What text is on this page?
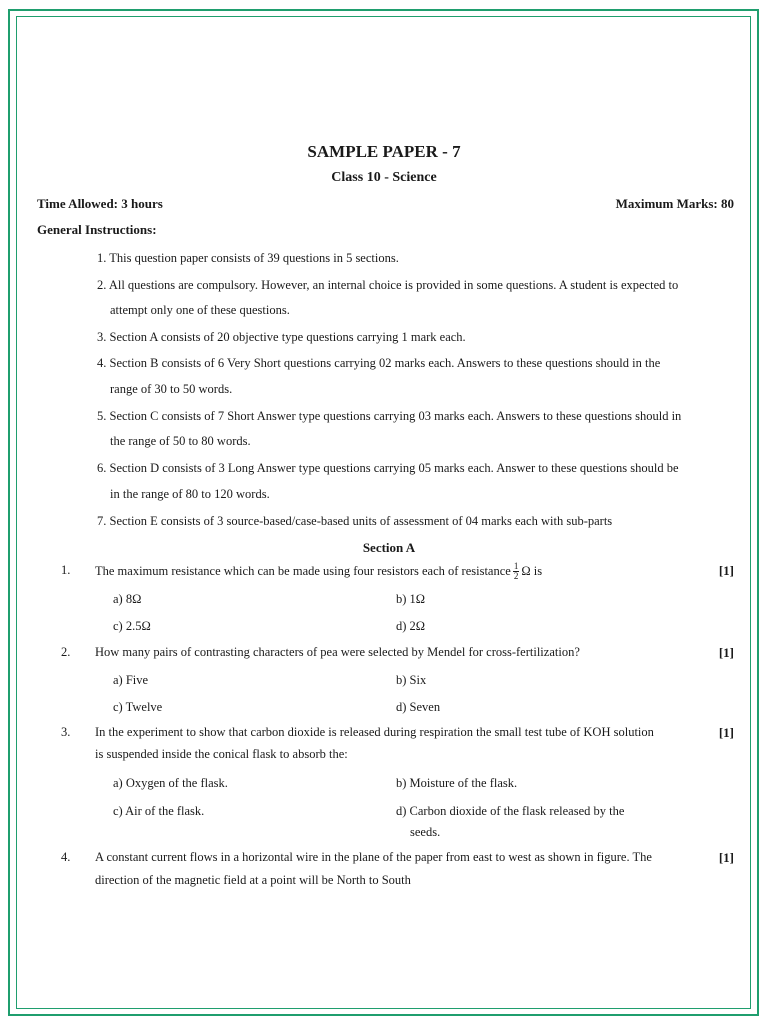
SAMPLE PAPER - 7
Class 10 - Science
Time Allowed: 3 hours	Maximum Marks: 80
General Instructions:
1. This question paper consists of 39 questions in 5 sections.
2. All questions are compulsory. However, an internal choice is provided in some questions. A student is expected to
attempt only one of these questions.
3. Section A consists of 20 objective type questions carrying 1 mark each.
4. Section B consists of 6 Very Short questions carrying 02 marks each. Answers to these questions should in the
range of 30 to 50 words.
5. Section C consists of 7 Short Answer type questions carrying 03 marks each. Answers to these questions should in
the range of 50 to 80 words.
6. Section D consists of 3 Long Answer type questions carrying 05 marks each. Answer to these questions should be
in the range of 80 to 120 words.
7. Section E consists of 3 source-based/case-based units of assessment of 04 marks each with sub-parts
Section A
1. The maximum resistance which can be made using four resistors each of resistance $\frac{1}{2}$ Ω is	[1]
a) 8Ω	b) 1Ω
c) 2.5Ω	d) 2Ω
2. How many pairs of contrasting characters of pea were selected by Mendel for cross-fertilization?	[1]
a) Five	b) Six
c) Twelve	d) Seven
3. In the experiment to show that carbon dioxide is released during respiration the small test tube of KOH solution
is suspended inside the conical flask to absorb the:
[1]
a) Oxygen of the flask.	b) Moisture of the flask.
c) Air of the flask.	d) Carbon dioxide of the flask released by the
seeds.
4. A constant current flows in a horizontal wire in the plane of the paper from east to west as shown in figure. The
direction of the magnetic field at a point will be North to South
[1]
